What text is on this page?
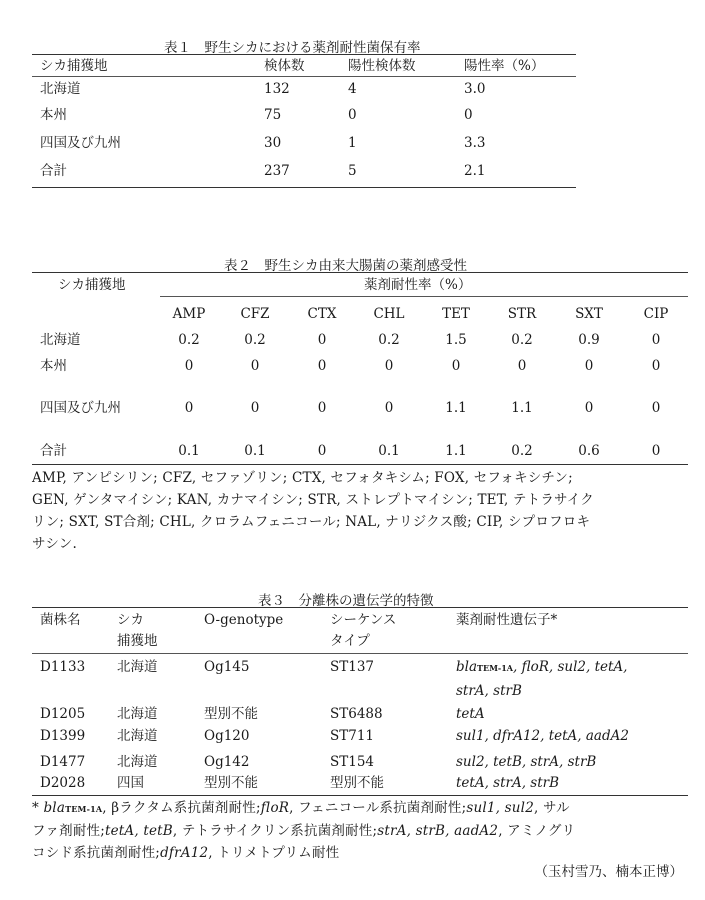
表１　野生シカにおける薬剤耐性菌保有率
シカ捕獲地	検体数	陽性検体数	陽性率（%）
北海道	132	4	3.0
本州	75	0	0
四国及び九州	30	1	3.3
合計	237	5	2.1
表２　野生シカ由来大腸菌の薬剤感受性
シカ捕獲地	薬剤耐性率（%）
AMP	CFZ	CTX	CHL	TET	STR	SXT	CIP
北海道	0.2	0.2	0	0.2	1.5	0.2	0.9	0
本州	0	0	0	0	0	0	0	0
四国及び九州	0	0	0	0	1.1	1.1	0	0
合計	0.1	0.1	0	0.1	1.1	0.2	0.6	0
AMP, アンピシリン; CFZ, セファゾリン; CTX, セフォタキシム; FOX, セフォキシチン;
GEN, ゲンタマイシン; KAN, カナマイシン; STR, ストレプトマイシン; TET, テトラサイク
リン; SXT, ST合剤; CHL, クロラムフェニコール; NAL, ナリジクス酸; CIP, シプロフロキ
サシン.
表３　分離株の遺伝学的特徴
菌株名	シカ
捕獲地
O-genotype	シーケンス
タイプ
薬剤耐性遺伝子*
D1133 北海道	Og145	ST137	blaTEM-1A, floR, sul2, tetA,
strA, strB
D1205 北海道	型別不能	ST6488	tetA
D1399 北海道	Og120	ST711	sul1, dfrA12, tetA, aadA2
D1477 北海道	Og142	ST154	sul2, tetB, strA, strB
D2028 四国	型別不能	型別不能	tetA, strA, strB
* blaTEM-1A, βラクタム系抗菌剤耐性;floR, フェニコール系抗菌剤耐性;sul1, sul2, サル
ファ剤耐性;tetA, tetB, テトラサイクリン系抗菌剤耐性;strA, strB, aadA2, アミノグリ
コシド系抗菌剤耐性;dfrA12, トリメトプリム耐性
（玉村雪乃、楠本正博）
